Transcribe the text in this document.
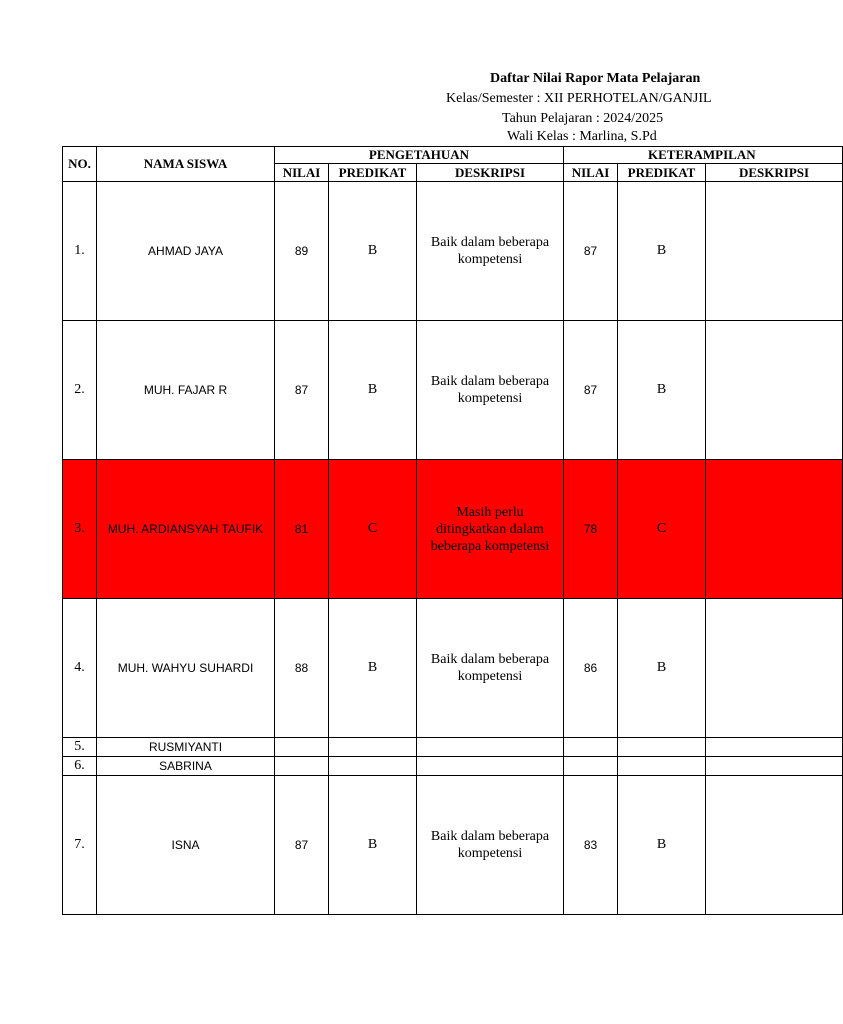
Daftar Nilai Rapor Mata Pelajaran
Kelas/Semester : XII PERHOTELAN/GANJIL
Tahun Pelajaran : 2024/2025
Wali Kelas : Marlina, S.Pd
NO.	NAMA SISWA	PENGETAHUAN			KETERAMPILAN		
		NILAI	PREDIKAT	DESKRIPSI	NILAI	PREDIKAT	DESKRIPSI
1.	AHMAD JAYA	89	B	Baik dalam beberapa kompetensi	87	B	
2.	MUH. FAJAR R	87	B	Baik dalam beberapa kompetensi	87	B	
3.	MUH. ARDIANSYAH TAUFIK	81	C	Masih perlu ditingkatkan dalam beberapa kompetensi	78	C	
4.	MUH. WAHYU SUHARDI	88	B	Baik dalam beberapa kompetensi	86	B	
5.	RUSMIYANTI						
6.	SABRINA						
7.	ISNA	87	B	Baik dalam beberapa kompetensi	83	B	
